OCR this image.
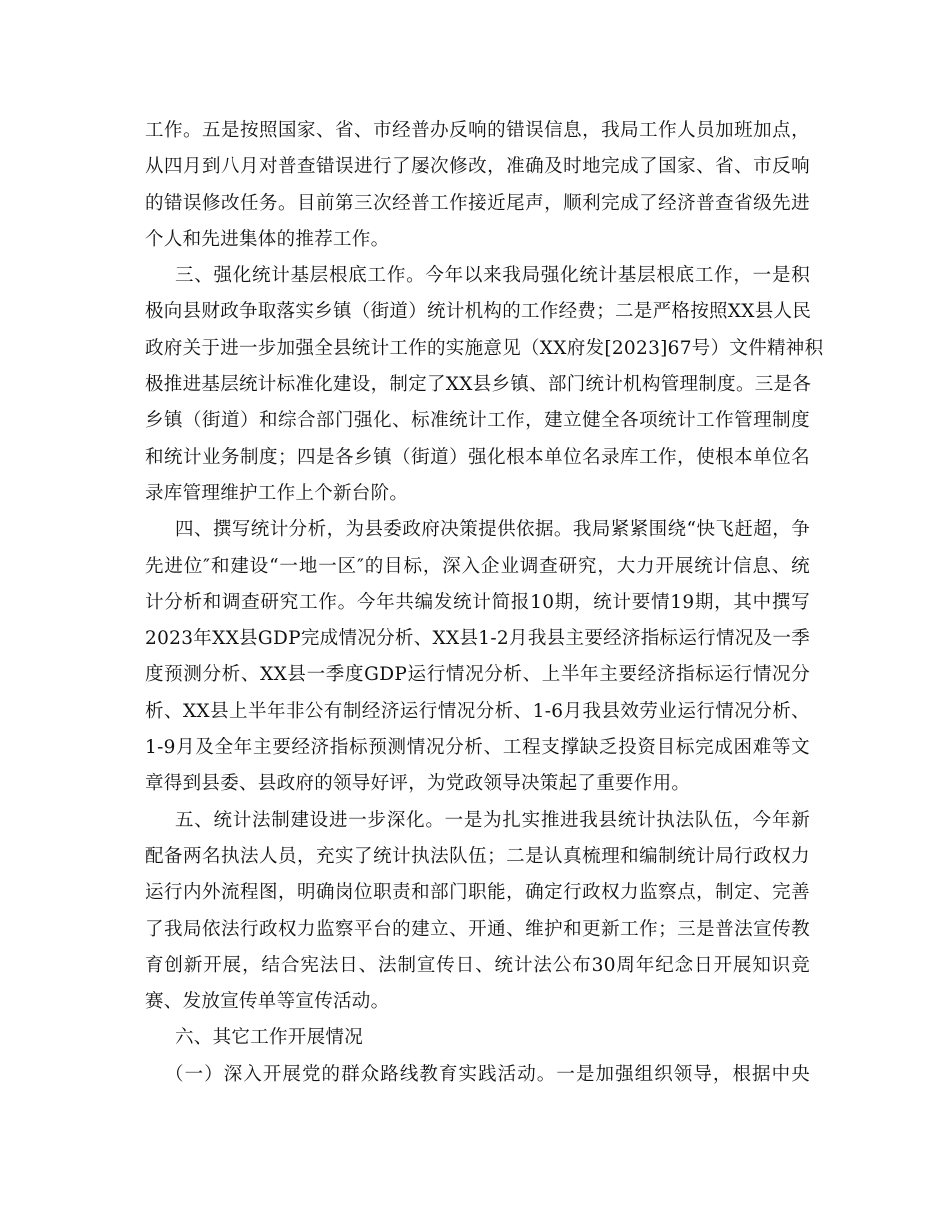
工作。五是按照国家、省、市经普办反响的错误信息，我局工作人员加班加点，
从四月到八月对普查错误进行了屡次修改，准确及时地完成了国家、省、市反响
的错误修改任务。目前第三次经普工作接近尾声，顺利完成了经济普查省级先进
个人和先进集体的推荐工作。
三、强化统计基层根底工作。今年以来我局强化统计基层根底工作，一是积
极向县财政争取落实乡镇（街道）统计机构的工作经费；二是严格按照XX县人民
政府关于进一步加强全县统计工作的实施意见（XX府发[2023]67号）文件精神积
极推进基层统计标准化建设，制定了XX县乡镇、部门统计机构管理制度。三是各
乡镇（街道）和综合部门强化、标准统计工作，建立健全各项统计工作管理制度
和统计业务制度；四是各乡镇（街道）强化根本单位名录库工作，使根本单位名
录库管理维护工作上个新台阶。
四、撰写统计分析，为县委政府决策提供依据。我局紧紧围绕“快飞赶超，争
先进位″和建设“一地一区″的目标，深入企业调查研究，大力开展统计信息、统
计分析和调查研究工作。今年共编发统计简报10期，统计要情19期，其中撰写
2023年XX县GDP完成情况分析、XX县1-2月我县主要经济指标运行情况及一季
度预测分析、XX县一季度GDP运行情况分析、上半年主要经济指标运行情况分
析、XX县上半年非公有制经济运行情况分析、1-6月我县效劳业运行情况分析、
1-9月及全年主要经济指标预测情况分析、工程支撑缺乏投资目标完成困难等文
章得到县委、县政府的领导好评，为党政领导决策起了重要作用。
五、统计法制建设进一步深化。一是为扎实推进我县统计执法队伍，今年新
配备两名执法人员，充实了统计执法队伍；二是认真梳理和编制统计局行政权力
运行内外流程图，明确岗位职责和部门职能，确定行政权力监察点，制定、完善
了我局依法行政权力监察平台的建立、开通、维护和更新工作；三是普法宣传教
育创新开展，结合宪法日、法制宣传日、统计法公布30周年纪念日开展知识竞
赛、发放宣传单等宣传活动。
六、其它工作开展情况
（一）深入开展党的群众路线教育实践活动。一是加强组织领导，根据中央
